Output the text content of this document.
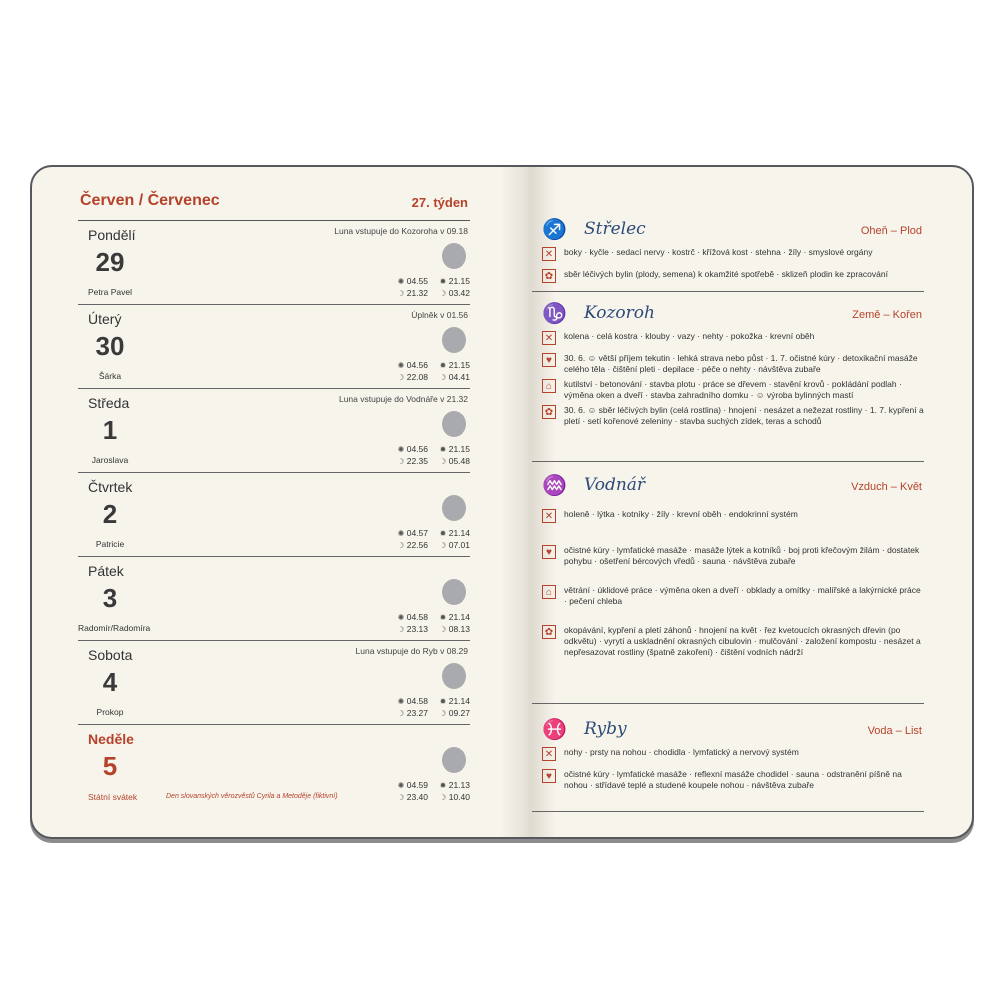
Červen / Červenec	27. týden
Pondělí
29
Petra Pavel
Luna vstupuje do Kozoroha v 09.18
✺ 04.55	✹ 21.15
☽ 21.32	☽ 03.42
Úterý
30
Šárka
Úplněk v 01.56
✺ 04.56	✹ 21.15
☽ 22.08	☽ 04.41
Středa
1
Jaroslava
Luna vstupuje do Vodnáře v 21.32
✺ 04.56	✹ 21.15
☽ 22.35	☽ 05.48
Čtvrtek
2
Patricie
✺ 04.57	✹ 21.14
☽ 22.56	☽ 07.01
Pátek
3
Radomír/Radomíra
✺ 04.58	✹ 21.14
☽ 23.13	☽ 08.13
Sobota
4
Prokop
Luna vstupuje do Ryb v 08.29
✺ 04.58	✹ 21.14
☽ 23.27	☽ 09.27
Neděle
5
Státní svátek	Den slovanských věrozvěstů Cyrila a Metoděje (fiktivní)
✺ 04.59	✹ 21.13
☽ 23.40	☽ 10.40
♐ Střelec	Oheň – Plod
✕	boky · kyčle · sedací nervy · kostrč · křížová kost · stehna · žíly · smyslové orgány
✿	sběr léčivých bylin (plody, semena) k okamžité spotřebě · sklizeň plodin ke zpracování
♑ Kozoroh	Země – Kořen
✕	kolena · celá kostra · klouby · vazy · nehty · pokožka · krevní oběh
♥	30. 6. ☺ větší příjem tekutin · lehká strava nebo půst · 1. 7. očistné kúry · detoxikační masáže celého těla · čištění pleti · depilace · péče o nehty · návštěva zubaře
⌂	kutilství · betonování · stavba plotu · práce se dřevem · stavění krovů · pokládání podlah · výměna oken a dveří · stavba zahradního domku · ☺ výroba bylinných mastí
✿	30. 6. ☺ sběr léčivých bylin (celá rostlina) · hnojení · nesázet a nežezat rostliny · 1. 7. kypření a pletí · setí kořenové zeleniny · stavba suchých zídek, teras a schodů
♒ Vodnář	Vzduch – Květ
✕	holeně · lýtka · kotníky · žíly · krevní oběh · endokrinní systém
♥	očistné kúry · lymfatické masáže · masáže lýtek a kotníků · boj proti křečovým žilám · dostatek pohybu · ošetření bércových vředů · sauna · návštěva zubaře
⌂	větrání · úklidové práce · výměna oken a dveří · obklady a omítky · malířské a lakýrnické práce · pečení chleba
✿	okopávání, kypření a pletí záhonů · hnojení na květ · řez kvetoucích okrasných dřevin (po odkvětu) · vyrytí a uskladnění okrasných cibulovin · mulčování · založení kompostu · nesázet a nepřesazovat rostliny (špatně zakoření) · čištění vodních nádrží
♓ Ryby	Voda – List
✕	nohy · prsty na nohou · chodidla · lymfatický a nervový systém
♥	očistné kúry · lymfatické masáže · reflexní masáže chodidel · sauna · odstranění píšně na nohou · střídavé teplé a studené koupele nohou · návštěva zubaře
